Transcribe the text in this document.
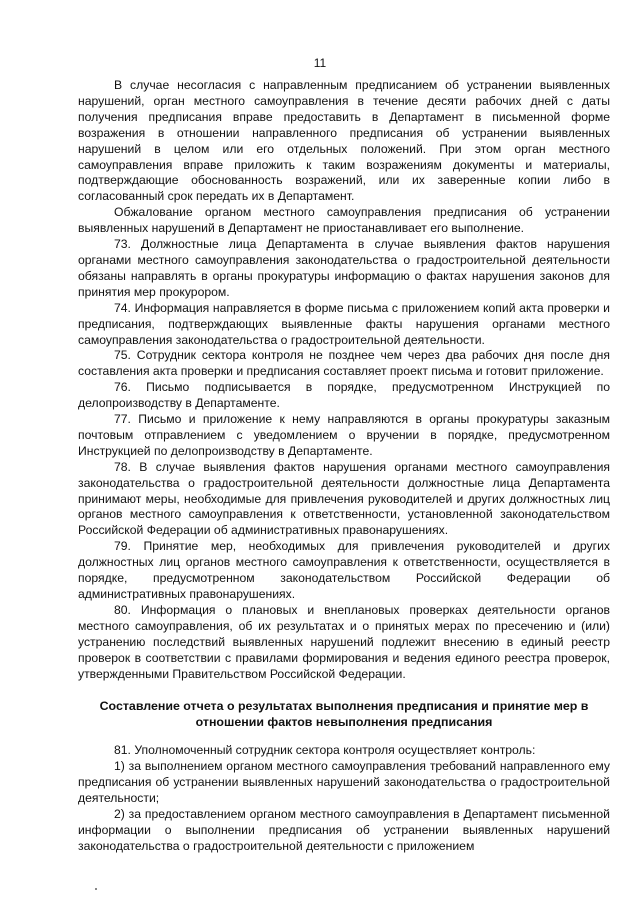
11

В случае несогласия с направленным предписанием об устранении выявленных нарушений, орган местного самоуправления в течение десяти рабочих дней с даты получения предписания вправе предоставить в Департамент в письменной форме возражения в отношении направленного предписания об устранении выявленных нарушений в целом или его отдельных положений. При этом орган местного самоуправления вправе приложить к таким возражениям документы и материалы, подтверждающие обоснованность возражений, или их заверенные копии либо в согласованный срок передать их в Департамент.

Обжалование органом местного самоуправления предписания об устранении выявленных нарушений в Департамент не приостанавливает его выполнение.

73. Должностные лица Департамента в случае выявления фактов нарушения органами местного самоуправления законодательства о градостроительной деятельности обязаны направлять в органы прокуратуры информацию о фактах нарушения законов для принятия мер прокурором.

74. Информация направляется в форме письма с приложением копий акта проверки и предписания, подтверждающих выявленные факты нарушения органами местного самоуправления законодательства о градостроительной деятельности.

75. Сотрудник сектора контроля не позднее чем через два рабочих дня после дня составления акта проверки и предписания составляет проект письма и готовит приложение.

76. Письмо подписывается в порядке, предусмотренном Инструкцией по делопроизводству в Департаменте.

77. Письмо и приложение к нему направляются в органы прокуратуры заказным почтовым отправлением с уведомлением о вручении в порядке, предусмотренном Инструкцией по делопроизводству в Департаменте.

78. В случае выявления фактов нарушения органами местного самоуправления законодательства о градостроительной деятельности должностные лица Департамента принимают меры, необходимые для привлечения руководителей и других должностных лиц органов местного самоуправления к ответственности, установленной законодательством Российской Федерации об административных правонарушениях.

79. Принятие мер, необходимых для привлечения руководителей и других должностных лиц органов местного самоуправления к ответственности, осуществляется в порядке, предусмотренном законодательством Российской Федерации об административных правонарушениях.

80. Информация о плановых и внеплановых проверках деятельности органов местного самоуправления, об их результатах и о принятых мерах по пресечению и (или) устранению последствий выявленных нарушений подлежит внесению в единый реестр проверок в соответствии с правилами формирования и ведения единого реестра проверок, утвержденными Правительством Российской Федерации.

Составление отчета о результатах выполнения предписания и принятие мер в отношении фактов невыполнения предписания

81. Уполномоченный сотрудник сектора контроля осуществляет контроль:

1) за выполнением органом местного самоуправления требований направленного ему предписания об устранении выявленных нарушений законодательства о градостроительной деятельности;

2) за предоставлением органом местного самоуправления в Департамент письменной информации о выполнении предписания об устранении выявленных нарушений законодательства о градостроительной деятельности с приложением
